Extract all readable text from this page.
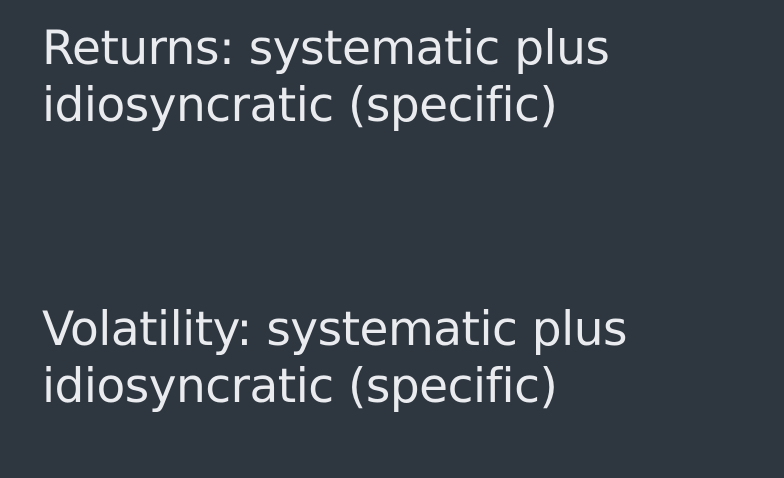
Returns: systematic plus
idiosyncratic (specific)
Volatility: systematic plus
idiosyncratic (specific)
